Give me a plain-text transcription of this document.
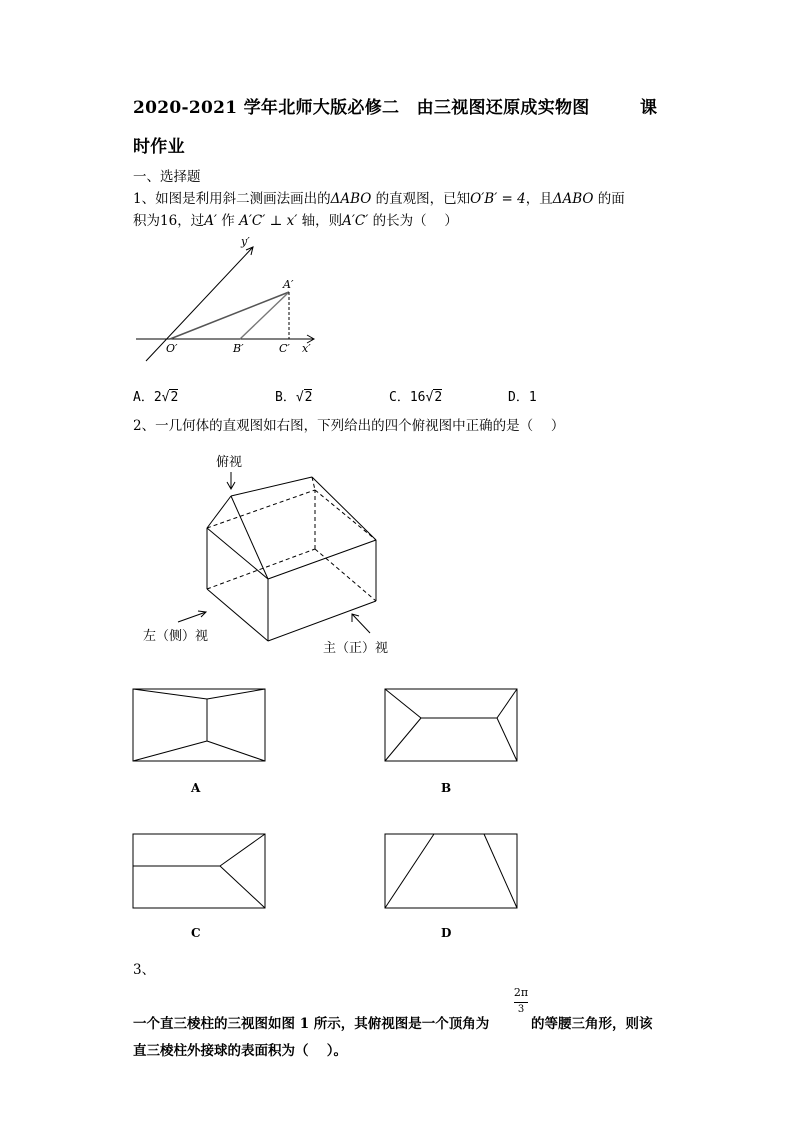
2020-2021 学年北师大版必修二　由三视图还原成实物图	课
时作业
一、选择题
1、如图是利用斜二测画法画出的ΔABO 的直观图，已知O′B′ = 4，且ΔABO 的面
积为16，过A′ 作 A′C′ ⊥ x′ 轴，则A′C′ 的长为（　 ）
y′
A′
O′	B′	C′ x′
A．2√2	B．√2	C．16√2	D．1
2、一几何体的直观图如右图，下列给出的四个俯视图中正确的是（　 ）
俯视
左（侧）视
主（正）视
A	B
C	D
3、
2π
3
一个直三棱柱的三视图如图 1 所示，其俯视图是一个顶角为	的等腰三角形，则该
直三棱柱外接球的表面积为（　 ）。
